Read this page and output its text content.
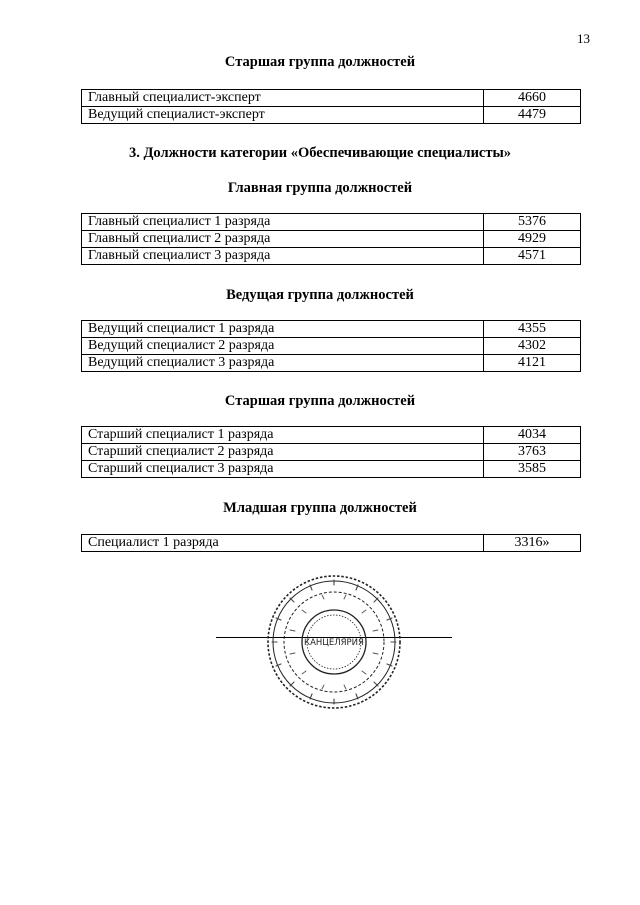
13
Старшая группа должностей
Главный специалист-эксперт	4660
Ведущий специалист-эксперт	4479
3. Должности категории «Обеспечивающие специалисты»
Главная группа должностей
Главный специалист 1 разряда	5376
Главный специалист 2 разряда	4929
Главный специалист 3 разряда	4571
Ведущая группа должностей
Ведущий специалист 1 разряда	4355
Ведущий специалист 2 разряда	4302
Ведущий специалист 3 разряда	4121
Старшая группа должностей
Старший специалист 1 разряда	4034
Старший специалист 2 разряда	3763
Старший специалист 3 разряда	3585
Младшая группа должностей
Специалист 1 разряда	3316»
КАНЦЕЛЯРИЯ
